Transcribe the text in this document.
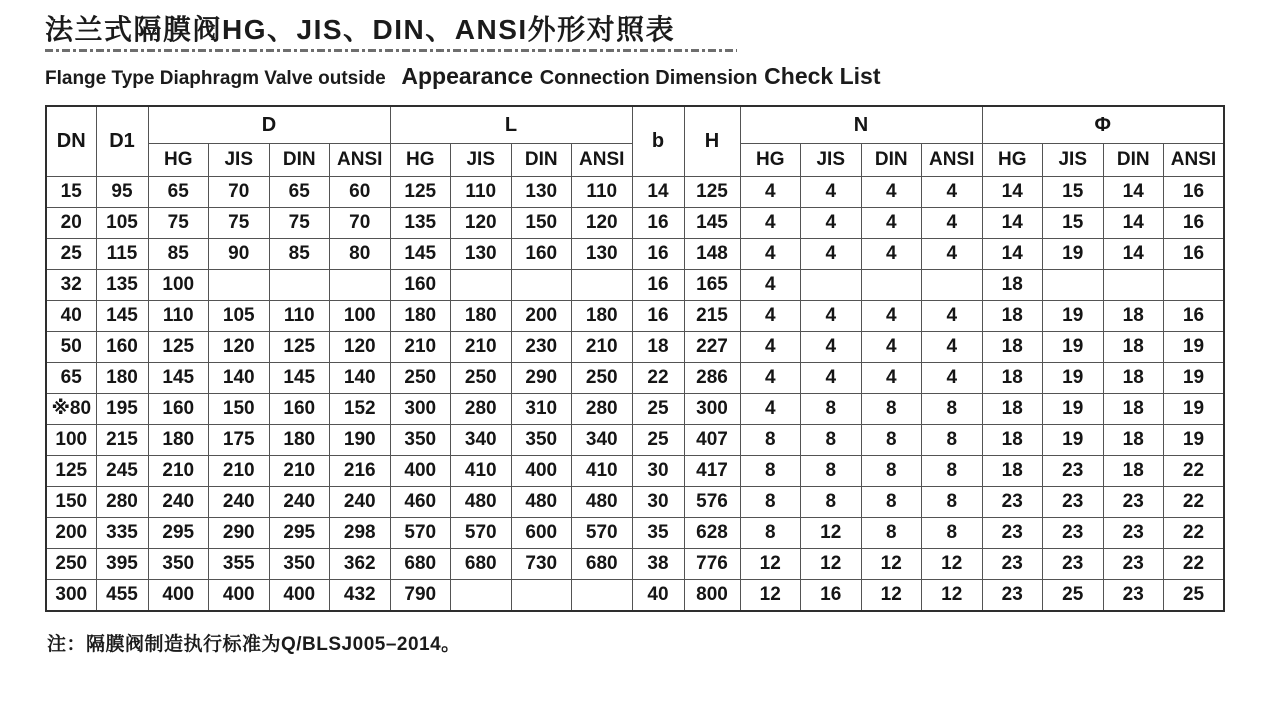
法兰式隔膜阀HG、JIS、DIN、ANSI外形对照表
Flange Type Diaphragm Valve outside Appearance Connection Dimension Check List
DN	D1	D				L				b	H	N				Φ			
		HG	JIS	DIN	ANSI	HG	JIS	DIN	ANSI			HG	JIS	DIN	ANSI	HG	JIS	DIN	ANSI
15	95	65	70	65	60	125	110	130	110	14	125	4	4	4	4	14	15	14	16
20	105	75	75	75	70	135	120	150	120	16	145	4	4	4	4	14	15	14	16
25	115	85	90	85	80	145	130	160	130	16	148	4	4	4	4	14	19	14	16
32	135	100				160				16	165	4				18			
40	145	110	105	110	100	180	180	200	180	16	215	4	4	4	4	18	19	18	16
50	160	125	120	125	120	210	210	230	210	18	227	4	4	4	4	18	19	18	19
65	180	145	140	145	140	250	250	290	250	22	286	4	4	4	4	18	19	18	19
※80	195	160	150	160	152	300	280	310	280	25	300	4	8	8	8	18	19	18	19
100	215	180	175	180	190	350	340	350	340	25	407	8	8	8	8	18	19	18	19
125	245	210	210	210	216	400	410	400	410	30	417	8	8	8	8	18	23	18	22
150	280	240	240	240	240	460	480	480	480	30	576	8	8	8	8	23	23	23	22
200	335	295	290	295	298	570	570	600	570	35	628	8	12	8	8	23	23	23	22
250	395	350	355	350	362	680	680	730	680	38	776	12	12	12	12	23	23	23	22
300	455	400	400	400	432	790				40	800	12	16	12	12	23	25	23	25

注：隔膜阀制造执行标准为Q/BLSJ005–2014。
